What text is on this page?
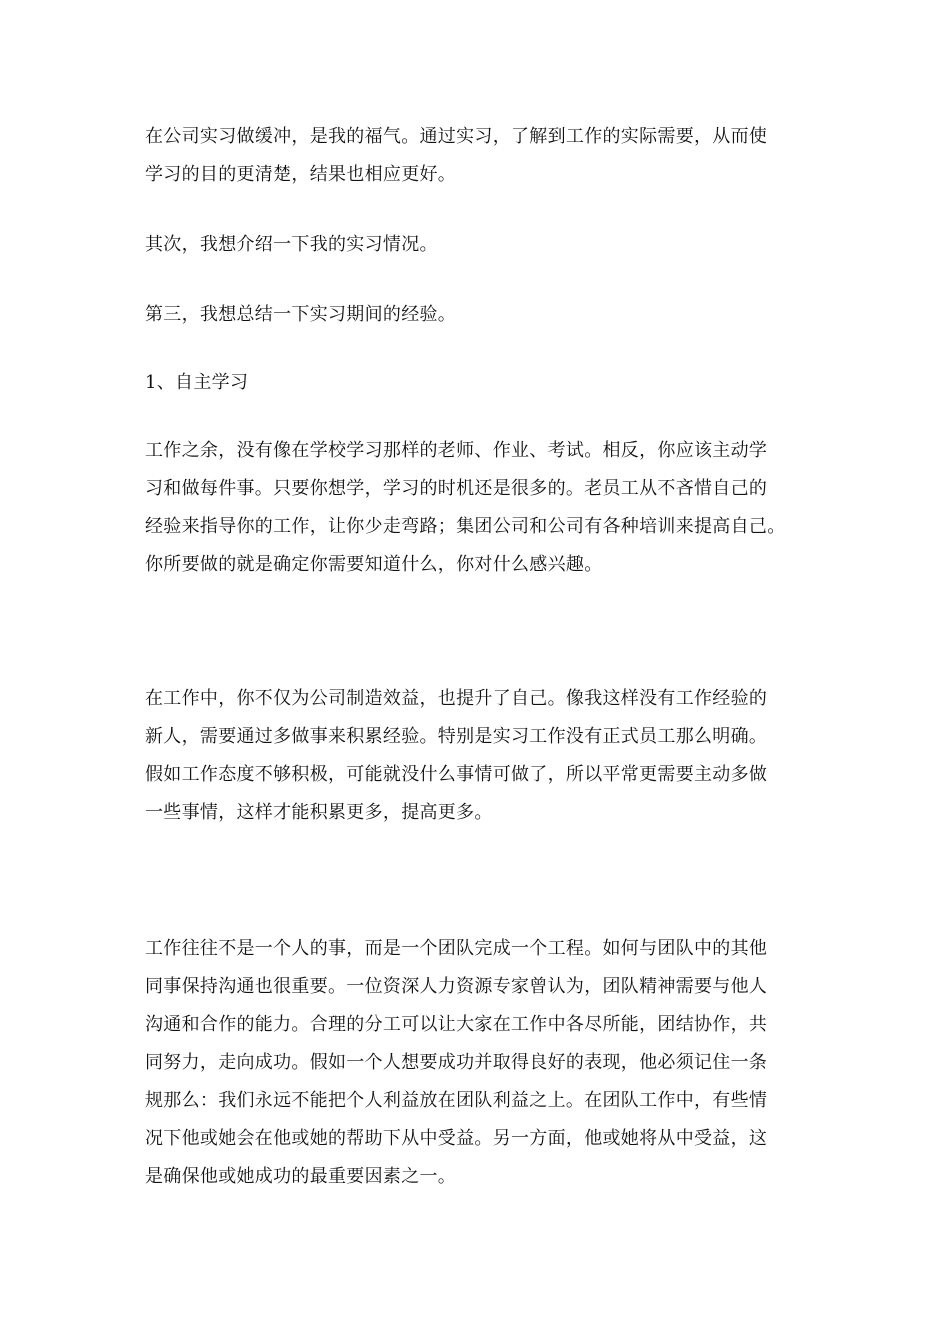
在公司实习做缓冲，是我的福气。通过实习，了解到工作的实际需要，从而使
学习的目的更清楚，结果也相应更好。

其次，我想介绍一下我的实习情况。

第三，我想总结一下实习期间的经验。

1、自主学习

工作之余，没有像在学校学习那样的老师、作业、考试。相反，你应该主动学
习和做每件事。只要你想学，学习的时机还是很多的。老员工从不吝惜自己的
经验来指导你的工作，让你少走弯路；集团公司和公司有各种培训来提高自己。
你所要做的就是确定你需要知道什么，你对什么感兴趣。

在工作中，你不仅为公司制造效益，也提升了自己。像我这样没有工作经验的
新人，需要通过多做事来积累经验。特别是实习工作没有正式员工那么明确。
假如工作态度不够积极，可能就没什么事情可做了，所以平常更需要主动多做
一些事情，这样才能积累更多，提高更多。

工作往往不是一个人的事，而是一个团队完成一个工程。如何与团队中的其他
同事保持沟通也很重要。一位资深人力资源专家曾认为，团队精神需要与他人
沟通和合作的能力。合理的分工可以让大家在工作中各尽所能，团结协作，共
同努力，走向成功。假如一个人想要成功并取得良好的表现，他必须记住一条
规那么：我们永远不能把个人利益放在团队利益之上。在团队工作中，有些情
况下他或她会在他或她的帮助下从中受益。另一方面，他或她将从中受益，这
是确保他或她成功的最重要因素之一。
